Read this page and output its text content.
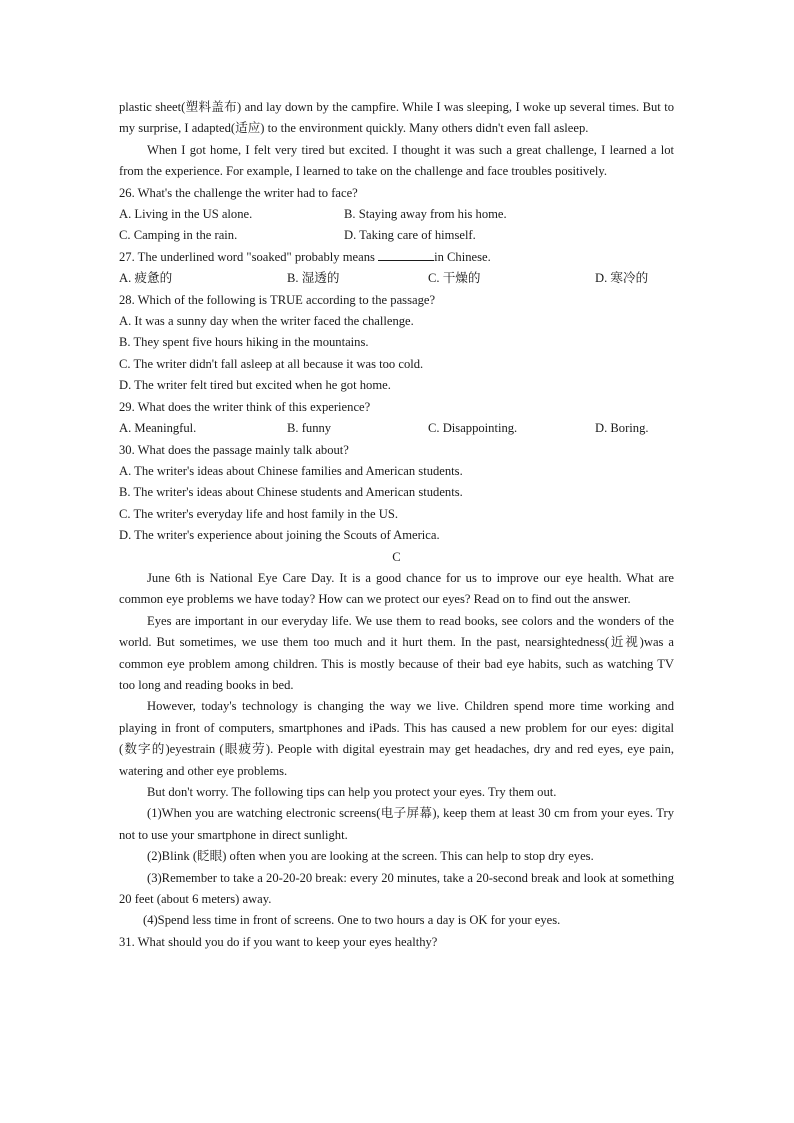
plastic sheet(塑料盖布) and lay down by the campfire. While I was sleeping, I woke up several times. But to my surprise, I adapted(适应) to the environment quickly. Many others didn't even fall asleep.

When I got home, I felt very tired but excited. I thought it was such a great challenge, I learned a lot from the experience. For example, I learned to take on the challenge and face troubles positively.

26. What's the challenge the writer had to face?

A. Living in the US alone.	B. Staying away from his home.
C. Camping in the rain.	D. Taking care of himself.

27. The underlined word "soaked" probably means	in Chinese.

A. 疲惫的	B. 湿透的	C. 干燥的	D. 寒冷的

28. Which of the following is TRUE according to the passage?

A. It was a sunny day when the writer faced the challenge.

B. They spent five hours hiking in the mountains.

C. The writer didn't fall asleep at all because it was too cold.

D. The writer felt tired but excited when he got home.

29. What does the writer think of this experience?

A. Meaningful.	B. funny	C. Disappointing.	D. Boring.

30. What does the passage mainly talk about?

A. The writer's ideas about Chinese families and American students.

B. The writer's ideas about Chinese students and American students.

C. The writer's everyday life and host family in the US.

D. The writer's experience about joining the Scouts of America.

C

June 6th is National Eye Care Day. It is a good chance for us to improve our eye health. What are common eye problems we have today? How can we protect our eyes? Read on to find out the answer.

Eyes are important in our everyday life. We use them to read books, see colors and the wonders of the world. But sometimes, we use them too much and it hurt them. In the past, nearsightedness(近视)was a common eye problem among children. This is mostly because of their bad eye habits, such as watching TV too long and reading books in bed.

However, today's technology is changing the way we live. Children spend more time working and playing in front of computers, smartphones and iPads. This has caused a new problem for our eyes: digital (数字的)eyestrain (眼疲劳). People with digital eyestrain may get headaches, dry and red eyes, eye pain, watering and other eye problems.

But don't worry. The following tips can help you protect your eyes. Try them out.

(1)When you are watching electronic screens(电子屏幕), keep them at least 30 cm from your eyes. Try not to use your smartphone in direct sunlight.

(2)Blink (眨眼) often when you are looking at the screen. This can help to stop dry eyes.

(3)Remember to take a 20-20-20 break: every 20 minutes, take a 20-second break and look at something 20 feet (about 6 meters) away.

(4)Spend less time in front of screens. One to two hours a day is OK for your eyes.

31. What should you do if you want to keep your eyes healthy?
